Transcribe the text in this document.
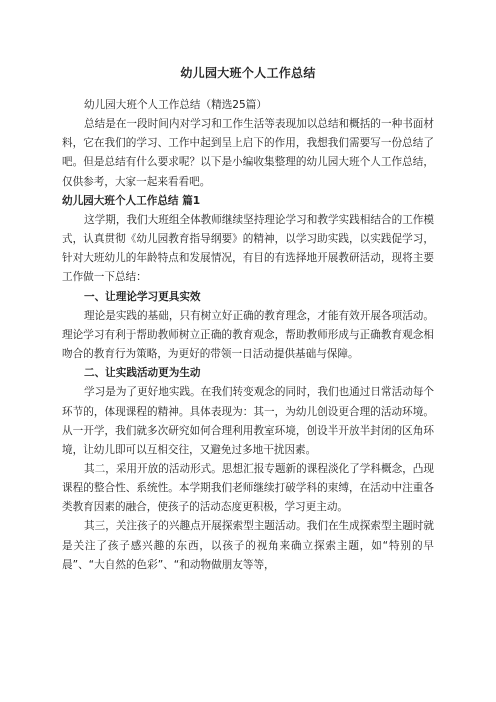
幼儿园大班个人工作总结

幼儿园大班个人工作总结（精选25篇）

总结是在一段时间内对学习和工作生活等表现加以总结和概括的一种书面材料，它在我们的学习、工作中起到呈上启下的作用，我想我们需要写一份总结了吧。但是总结有什么要求呢？以下是小编收集整理的幼儿园大班个人工作总结，仅供参考，大家一起来看看吧。

幼儿园大班个人工作总结 篇1

这学期，我们大班组全体教师继续坚持理论学习和教学实践相结合的工作模式，认真贯彻《幼儿园教育指导纲要》的精神，以学习助实践，以实践促学习，针对大班幼儿的年龄特点和发展情况，有目的有选择地开展教研活动，现将主要工作做一下总结：

一、让理论学习更具实效

理论是实践的基础，只有树立好正确的教育理念，才能有效开展各项活动。理论学习有利于帮助教师树立正确的教育观念，帮助教师形成与正确教育观念相吻合的教育行为策略，为更好的带领一日活动提供基础与保障。

二、让实践活动更为生动

学习是为了更好地实践。在我们转变观念的同时，我们也通过日常活动每个环节的，体现课程的精神。具体表现为：其一，为幼儿创设更合理的活动环境。从一开学，我们就多次研究如何合理利用教室环境，创设半开放半封闭的区角环境，让幼儿即可以互相交往，又避免过多地干扰因素。

其二，采用开放的活动形式。思想汇报专题新的课程淡化了学科概念，凸现课程的整合性、系统性。本学期我们老师继续打破学科的束缚，在活动中注重各类教育因素的融合，使孩子的活动态度更积极，学习更主动。

其三，关注孩子的兴趣点开展探索型主题活动。我们在生成探索型主题时就是关注了孩子感兴趣的东西，以孩子的视角来确立探索主题，如“特别的早晨”、“大自然的色彩”、“和动物做朋友等等，
